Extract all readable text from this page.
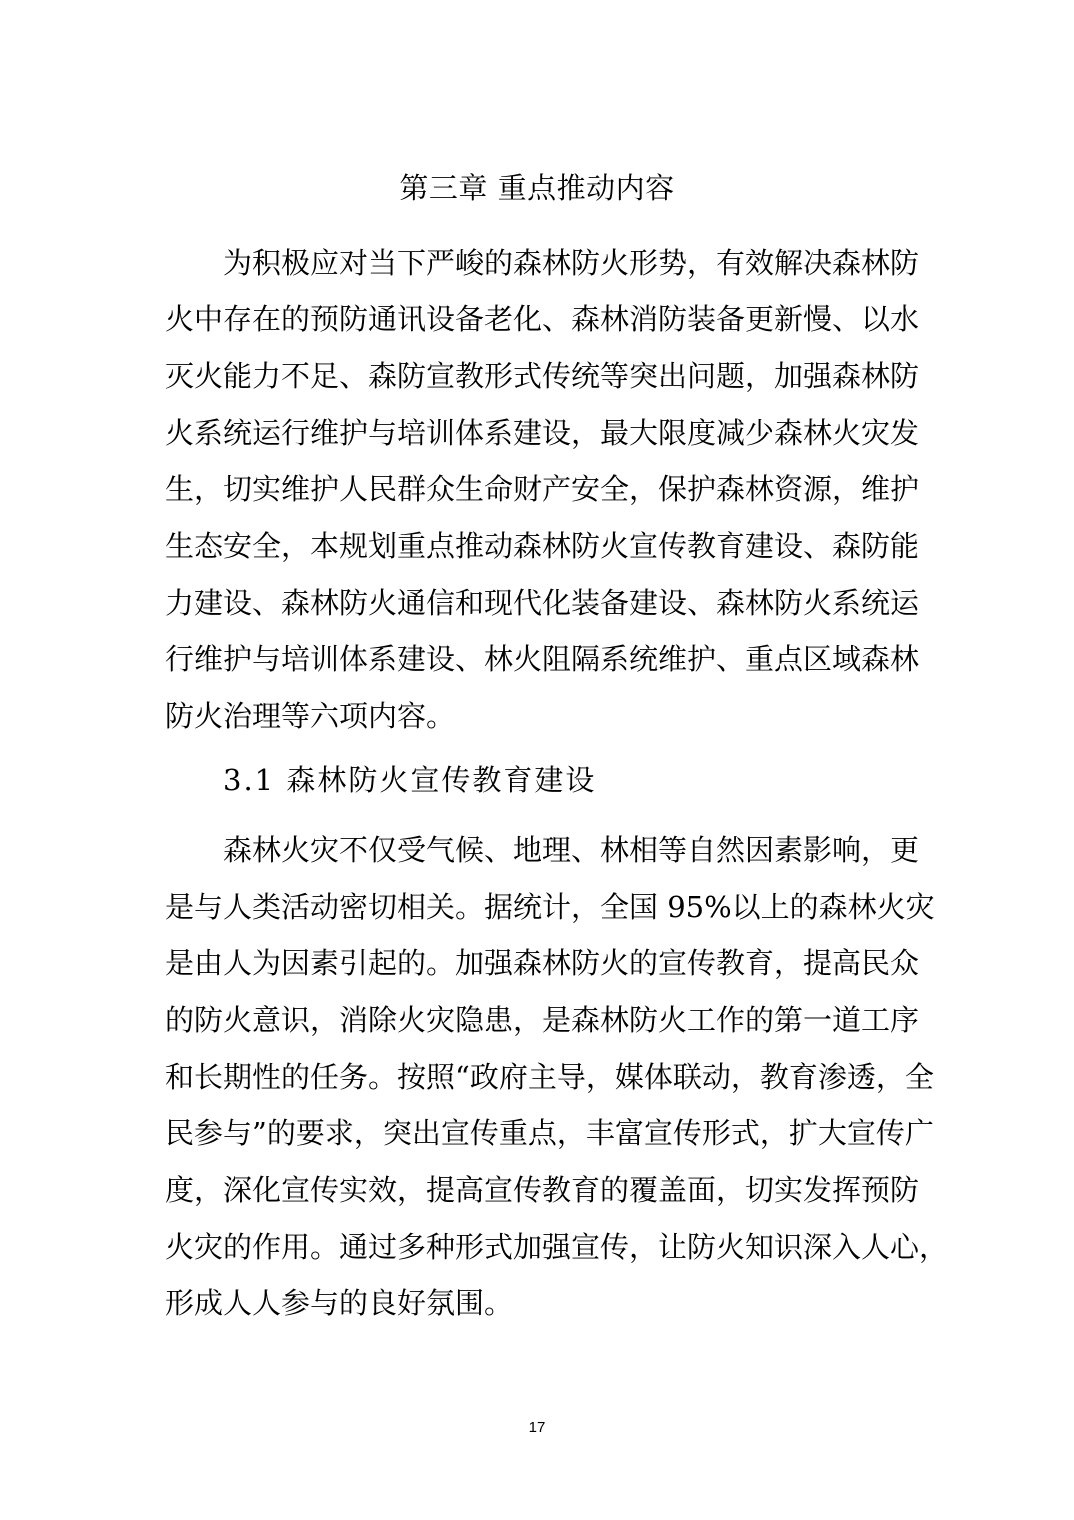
第三章 重点推动内容
为积极应对当下严峻的森林防火形势，有效解决森林防
火中存在的预防通讯设备老化、森林消防装备更新慢、以水
灭火能力不足、森防宣教形式传统等突出问题，加强森林防
火系统运行维护与培训体系建设，最大限度减少森林火灾发
生，切实维护人民群众生命财产安全，保护森林资源，维护
生态安全，本规划重点推动森林防火宣传教育建设、森防能
力建设、森林防火通信和现代化装备建设、森林防火系统运
行维护与培训体系建设、林火阻隔系统维护、重点区域森林
防火治理等六项内容。
3.1 森林防火宣传教育建设
森林火灾不仅受气候、地理、林相等自然因素影响，更
是与人类活动密切相关。据统计，全国 95%以上的森林火灾
是由人为因素引起的。加强森林防火的宣传教育，提高民众
的防火意识，消除火灾隐患，是森林防火工作的第一道工序
和长期性的任务。按照“政府主导，媒体联动，教育渗透，全
民参与”的要求，突出宣传重点，丰富宣传形式，扩大宣传广
度，深化宣传实效，提高宣传教育的覆盖面，切实发挥预防
火灾的作用。通过多种形式加强宣传，让防火知识深入人心，
形成人人参与的良好氛围。
17
